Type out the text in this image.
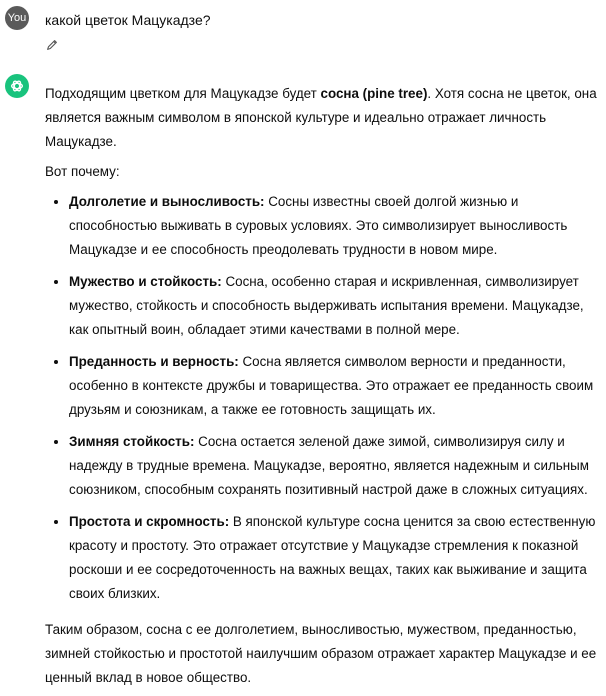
You какой цветок Мацукадзе?

Подходящим цветком для Мацукадзе будет сосна (pine tree). Хотя сосна не цветок, она является важным символом в японской культуре и идеально отражает личность Мацукадзе.

Вот почему:

• Долголетие и выносливость: Сосны известны своей долгой жизнью и способностью выживать в суровых условиях. Это символизирует выносливость Мацукадзе и ее способность преодолевать трудности в новом мире.
• Мужество и стойкость: Сосна, особенно старая и искривленная, символизирует мужество, стойкость и способность выдерживать испытания времени. Мацукадзе, как опытный воин, обладает этими качествами в полной мере.
• Преданность и верность: Сосна является символом верности и преданности, особенно в контексте дружбы и товарищества. Это отражает ее преданность своим друзьям и союзникам, а также ее готовность защищать их.
• Зимняя стойкость: Сосна остается зеленой даже зимой, символизируя силу и надежду в трудные времена. Мацукадзе, вероятно, является надежным и сильным союзником, способным сохранять позитивный настрой даже в сложных ситуациях.
• Простота и скромность: В японской культуре сосна ценится за свою естественную красоту и простоту. Это отражает отсутствие у Мацукадзе стремления к показной роскоши и ее сосредоточенность на важных вещах, таких как выживание и защита своих близких.

Таким образом, сосна с ее долголетием, выносливостью, мужеством, преданностью, зимней стойкостью и простотой наилучшим образом отражает характер Мацукадзе и ее ценный вклад в новое общество.
